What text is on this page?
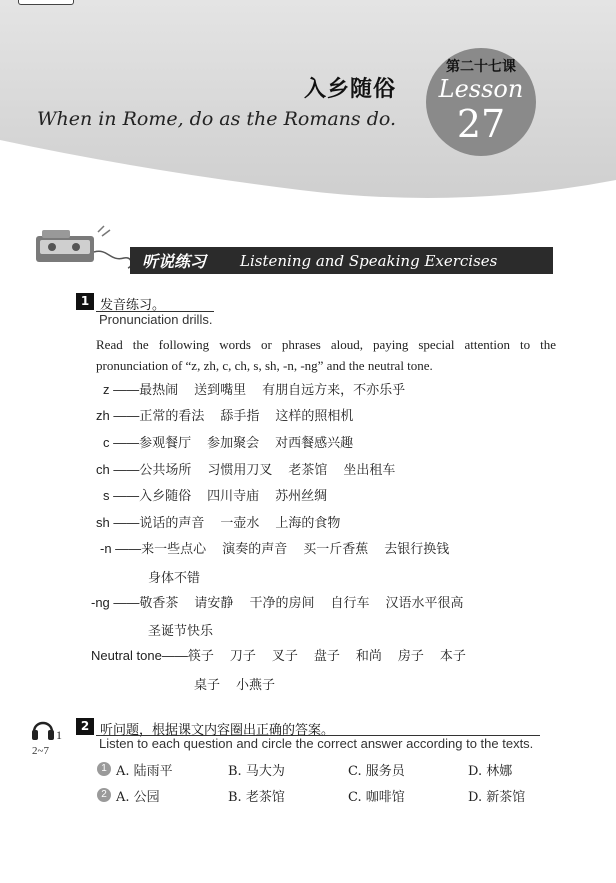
入乡随俗
When in Rome, do as the Romans do.
第二十七课
Lesson
27
听说练习 Listening and Speaking Exercises
1 发音练习。
Pronunciation drills.
Read the following words or phrases aloud, paying special attention to the pronunciation of “z, zh, c, ch, s, sh, -n, -ng” and the neutral tone.
z ——最热闹 送到嘴里 有朋自远方来，不亦乐乎
zh ——正常的看法 舔手指 这样的照相机
c ——参观餐厅 参加聚会 对西餐感兴趣
ch ——公共场所 习惯用刀叉 老茶馆 坐出租车
s ——入乡随俗 四川寺庙 苏州丝绸
sh ——说话的声音 一壶水 上海的食物
-n ——来一些点心 演奏的声音 买一斤香蕉 去银行换钱
身体不错
-ng ——敬香茶 请安静 干净的房间 自行车 汉语水平很高
圣诞节快乐
Neutral tone——筷子 刀子 叉子 盘子 和尚 房子 本子
桌子 小燕子
1
2~7
2 听问题，根据课文内容圈出正确的答案。
Listen to each question and circle the correct answer according to the texts.
1 A. 陆雨平	B. 马大为	C. 服务员	D. 林娜
2 A. 公园	B. 老茶馆	C. 咖啡馆	D. 新茶馆
